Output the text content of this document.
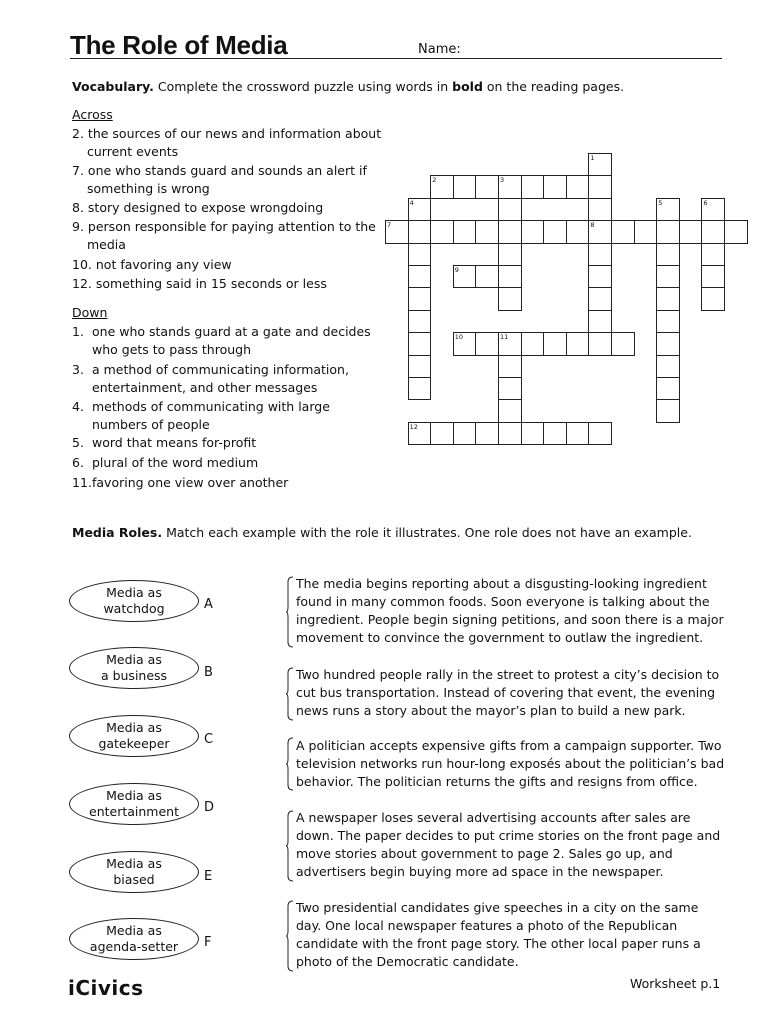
The Role of Media	Name:
Vocabulary. Complete the crossword puzzle using words in bold on the reading pages.
Across
2. the sources of our news and information about
current events
7. one who stands guard and sounds an alert if
something is wrong
8. story designed to expose wrongdoing
9. person responsible for paying attention to the
media
10. not favoring any view
12. something said in 15 seconds or less
Down
1. one who stands guard at a gate and decides who gets to pass through
3. a method of communicating information, entertainment, and other messages
4. methods of communicating with large numbers of people
5. word that means for-profit
6. plural of the word medium
11. favoring one view over another
2	3
7	8
9
10	11
12
1
4	5	6
Media Roles. Match each example with the role it illustrates. One role does not have an example.
Media as
watchdog	A
Media as
a business	B
Media as
gatekeeper	C
Media as
entertainment D
Media as
biased	E
Media as
agenda-setter F
The media begins reporting about a disgusting-looking ingredient found in many common foods. Soon everyone is talking about the ingredient. People begin signing petitions, and soon there is a major movement to convince the government to outlaw the ingredient.
Two hundred people rally in the street to protest a city’s decision to cut bus transportation. Instead of covering that event, the evening news runs a story about the mayor’s plan to build a new park.
A politician accepts expensive gifts from a campaign supporter. Two television networks run hour-long exposés about the politician’s bad behavior. The politician returns the gifts and resigns from office.
A newspaper loses several advertising accounts after sales are down. The paper decides to put crime stories on the front page and move stories about government to page 2. Sales go up, and advertisers begin buying more ad space in the newspaper.
Two presidential candidates give speeches in a city on the same day. One local newspaper features a photo of the Republican candidate with the front page story. The other local paper runs a photo of the Democratic candidate.
iCivics	Worksheet p.1
